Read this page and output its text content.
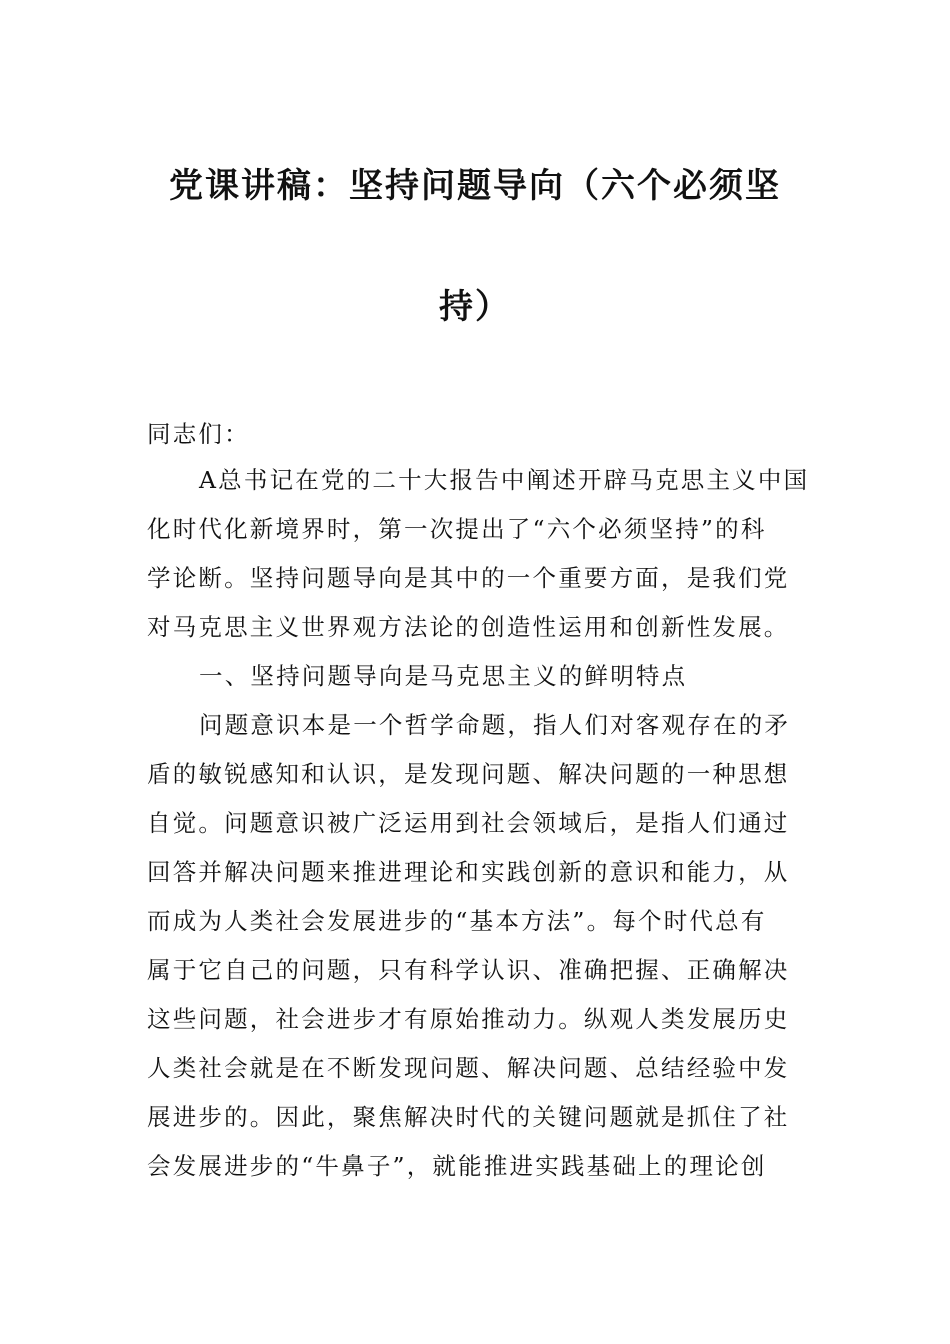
党课讲稿：坚持问题导向（六个必须坚
持）
同志们：
A总书记在党的二十大报告中阐述开辟马克思主义中国
化时代化新境界时，第一次提出了“六个必须坚持”的科
学论断。坚持问题导向是其中的一个重要方面，是我们党
对马克思主义世界观方法论的创造性运用和创新性发展。
一、坚持问题导向是马克思主义的鲜明特点
问题意识本是一个哲学命题，指人们对客观存在的矛
盾的敏锐感知和认识，是发现问题、解决问题的一种思想
自觉。问题意识被广泛运用到社会领域后，是指人们通过
回答并解决问题来推进理论和实践创新的意识和能力，从
而成为人类社会发展进步的“基本方法”。每个时代总有
属于它自己的问题，只有科学认识、准确把握、正确解决
这些问题，社会进步才有原始推动力。纵观人类发展历史
人类社会就是在不断发现问题、解决问题、总结经验中发
展进步的。因此，聚焦解决时代的关键问题就是抓住了社
会发展进步的“牛鼻子”，就能推进实践基础上的理论创
